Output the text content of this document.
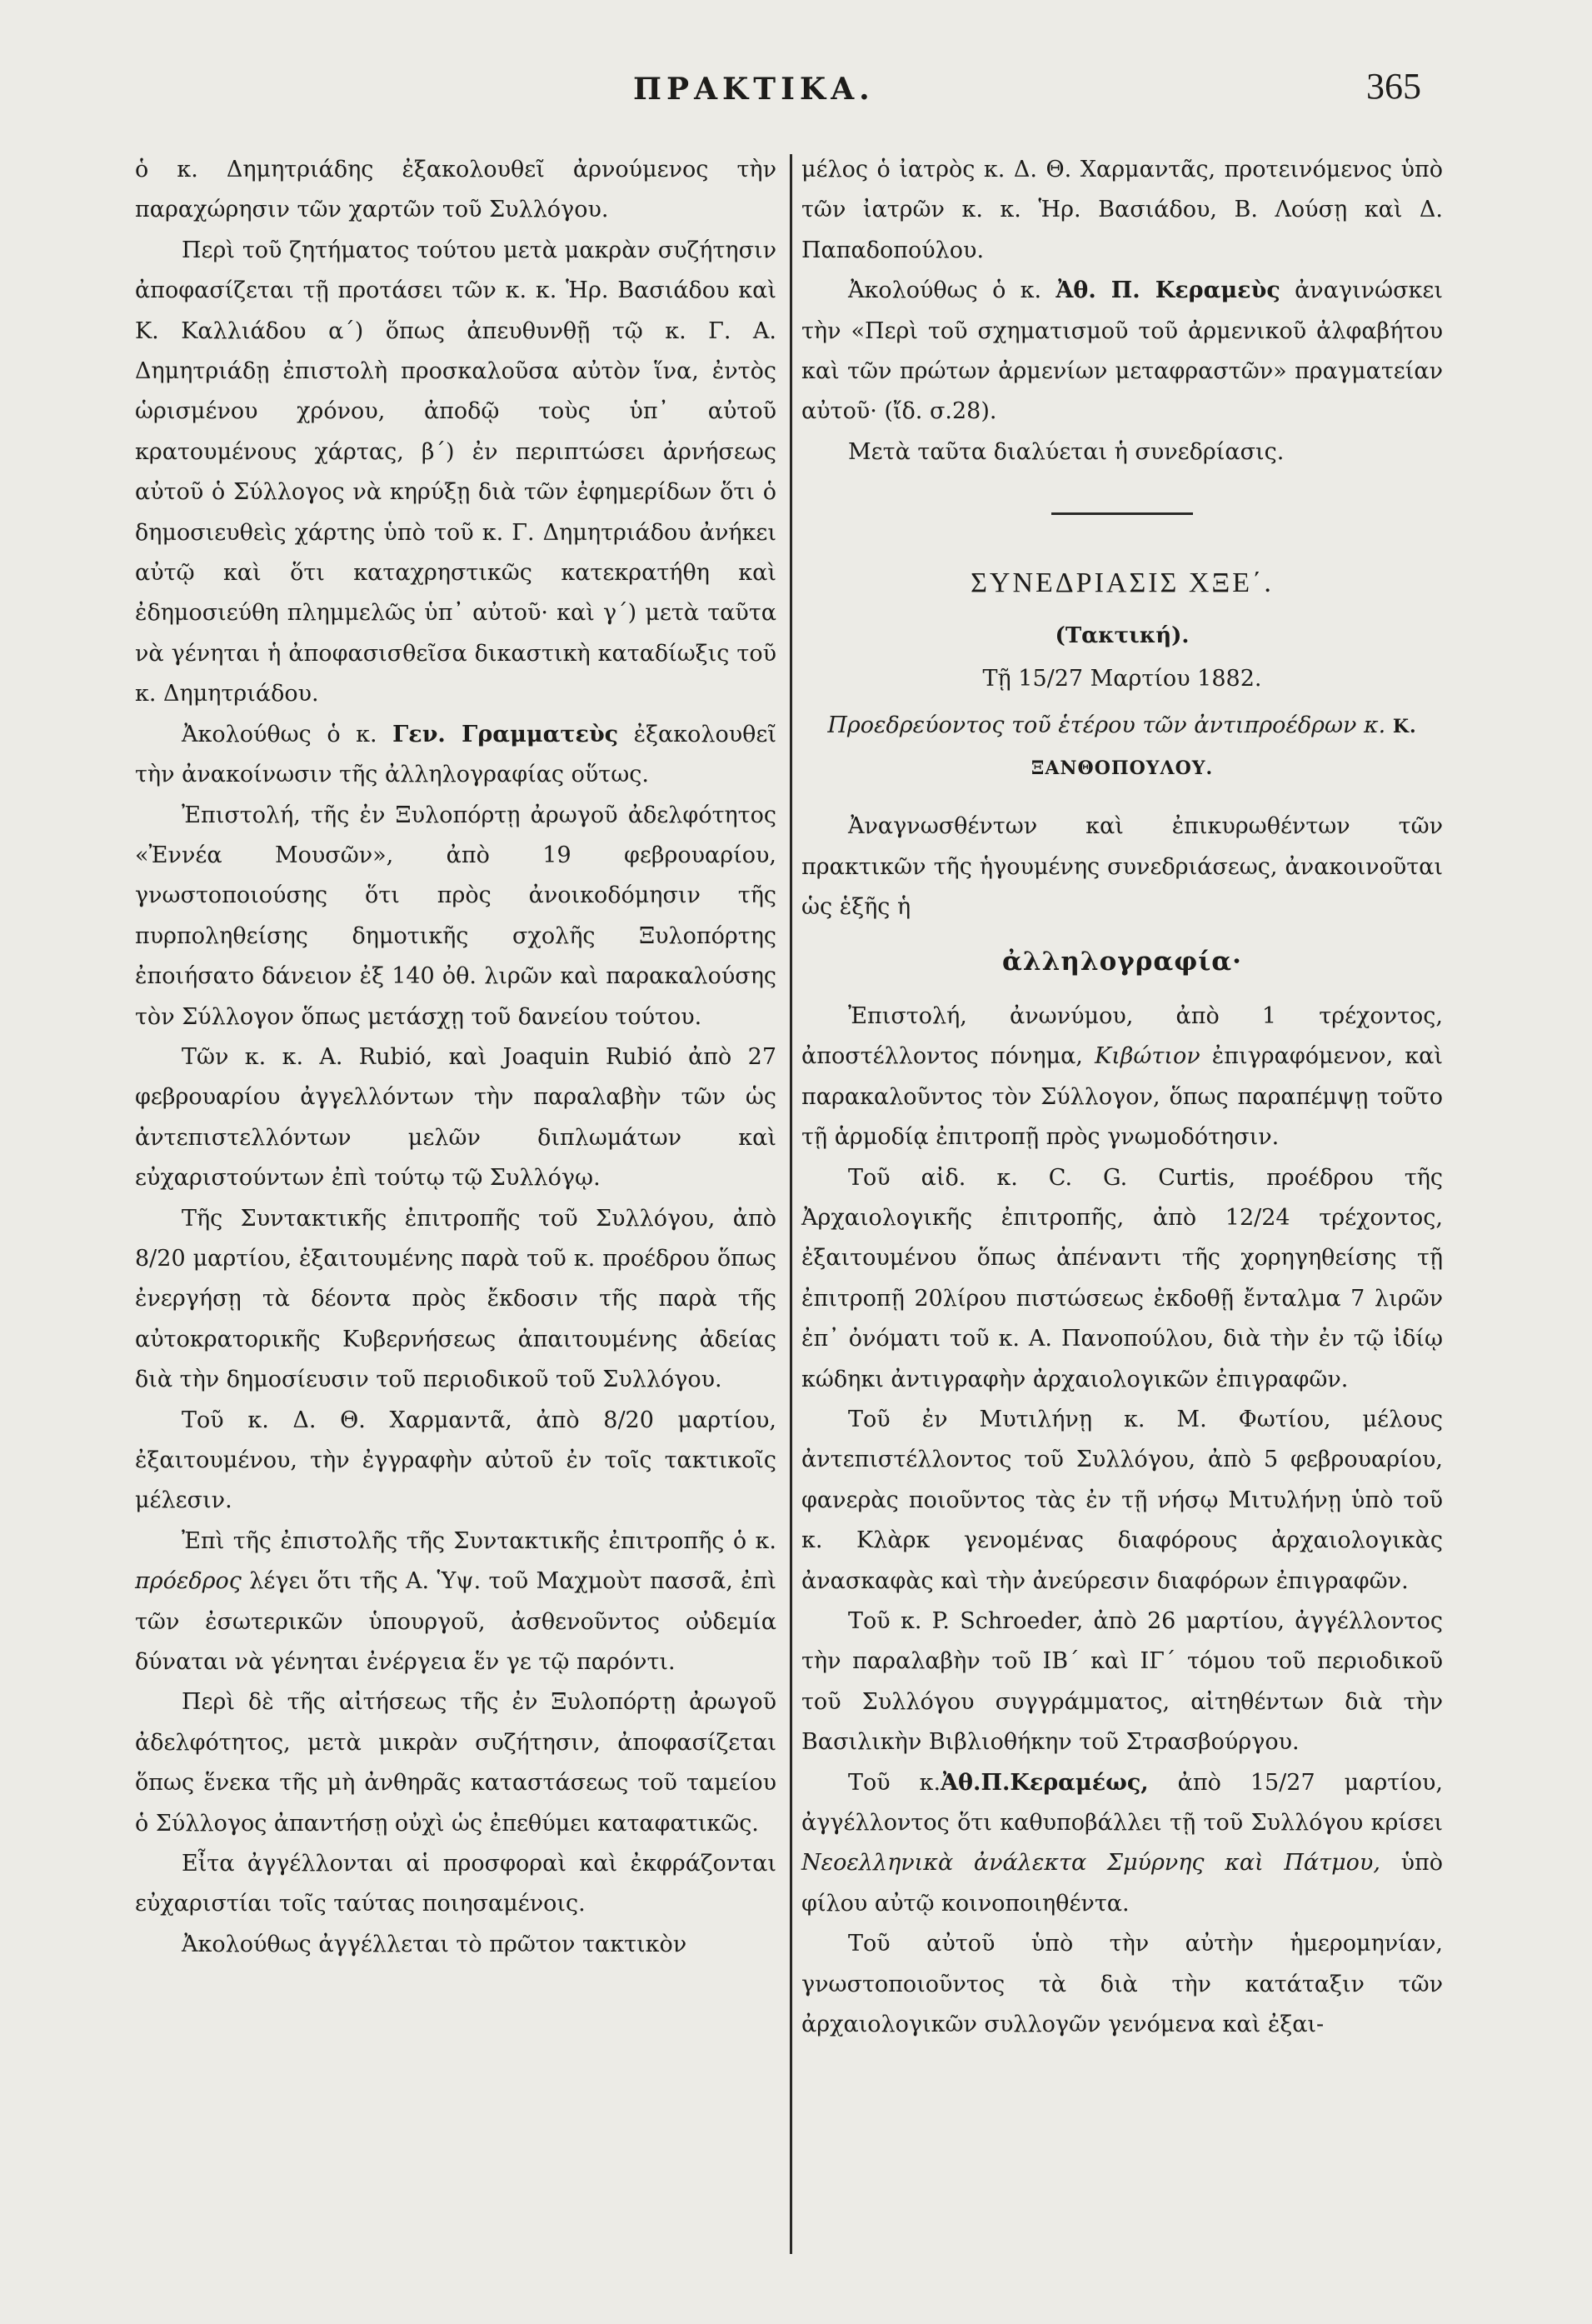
ΠΡΑΚΤΙΚΑ.	365

ὁ κ. Δημητριάδης ἐξακολουθεῖ ἀρνούμενος τὴν παραχώρησιν τῶν χαρτῶν τοῦ Συλλόγου.

Περὶ τοῦ ζητήματος τούτου μετὰ μακρὰν συζήτησιν ἀποφασίζεται τῇ προτάσει τῶν κ. κ. Ἡρ. Βασιάδου καὶ Κ. Καλλιάδου α΄) ὅπως ἀπευθυνθῇ τῷ κ. Γ. Α. Δημητριάδῃ ἐπιστολὴ προσκαλοῦσα αὐτὸν ἵνα, ἐντὸς ὡρισμένου χρόνου, ἀποδῷ τοὺς ὑπ᾽ αὐτοῦ κρατουμένους χάρτας, β΄) ἐν περιπτώσει ἀρνήσεως αὐτοῦ ὁ Σύλλογος νὰ κηρύξῃ διὰ τῶν ἐφημερίδων ὅτι ὁ δημοσιευθεὶς χάρτης ὑπὸ τοῦ κ. Γ. Δημητριάδου ἀνήκει αὐτῷ καὶ ὅτι καταχρηστικῶς κατεκρατήθη καὶ ἐδημοσιεύθη πλημμελῶς ὑπ᾽ αὐτοῦ· καὶ γ΄) μετὰ ταῦτα νὰ γένηται ἡ ἀποφασισθεῖσα δικαστικὴ καταδίωξις τοῦ κ. Δημητριάδου.

Ἀκολούθως ὁ κ. Γεν. Γραμματεὺς ἐξακολουθεῖ τὴν ἀνακοίνωσιν τῆς ἀλληλογραφίας οὕτως.

Ἐπιστολή, τῆς ἐν Ξυλοπόρτῃ ἀρωγοῦ ἀδελφότητος «Ἐννέα Μουσῶν», ἀπὸ 19 φεβρουαρίου, γνωστοποιούσης ὅτι πρὸς ἀνοικοδόμησιν τῆς πυρποληθείσης δημοτικῆς σχολῆς Ξυλοπόρτης ἐποιήσατο δάνειον ἐξ 140 ὀθ. λιρῶν καὶ παρακαλούσης τὸν Σύλλογον ὅπως μετάσχῃ τοῦ δανείου τούτου.

Τῶν κ. κ. A. Rubió, καὶ Joaquin Rubió ἀπὸ 27 φεβρουαρίου ἀγγελλόντων τὴν παραλαβὴν τῶν ὡς ἀντεπιστελλόντων μελῶν διπλωμάτων καὶ εὐχαριστούντων ἐπὶ τούτῳ τῷ Συλλόγῳ.

Τῆς Συντακτικῆς ἐπιτροπῆς τοῦ Συλλόγου, ἀπὸ 8/20 μαρτίου, ἐξαιτουμένης παρὰ τοῦ κ. προέδρου ὅπως ἐνεργήσῃ τὰ δέοντα πρὸς ἔκδοσιν τῆς παρὰ τῆς αὐτοκρατορικῆς Κυβερνήσεως ἀπαιτουμένης ἀδείας διὰ τὴν δημοσίευσιν τοῦ περιοδικοῦ τοῦ Συλλόγου.

Τοῦ κ. Δ. Θ. Χαρμαντᾶ, ἀπὸ 8/20 μαρτίου, ἐξαιτουμένου, τὴν ἐγγραφὴν αὐτοῦ ἐν τοῖς τακτικοῖς μέλεσιν.

Ἐπὶ τῆς ἐπιστολῆς τῆς Συντακτικῆς ἐπιτροπῆς ὁ κ. πρόεδρος λέγει ὅτι τῆς Α. Ὑψ. τοῦ Μαχμοὺτ πασσᾶ, ἐπὶ τῶν ἐσωτερικῶν ὑπουργοῦ, ἀσθενοῦντος οὐδεμία δύναται νὰ γένηται ἐνέργεια ἕν γε τῷ παρόντι.

Περὶ δὲ τῆς αἰτήσεως τῆς ἐν Ξυλοπόρτῃ ἀρωγοῦ ἀδελφότητος, μετὰ μικρὰν συζήτησιν, ἀποφασίζεται ὅπως ἕνεκα τῆς μὴ ἀνθηρᾶς καταστάσεως τοῦ ταμείου ὁ Σύλλογος ἀπαντήσῃ οὐχὶ ὡς ἐπεθύμει καταφατικῶς.

Εἶτα ἀγγέλλονται αἱ προσφοραὶ καὶ ἐκφράζονται εὐχαριστίαι τοῖς ταύτας ποιησαμένοις.

Ἀκολούθως ἀγγέλλεται τὸ πρῶτον τακτικὸν

μέλος ὁ ἰατρὸς κ. Δ. Θ. Χαρμαντᾶς, προτεινόμενος ὑπὸ τῶν ἰατρῶν κ. κ. Ἡρ. Βασιάδου, Β. Λούσῃ καὶ Δ. Παπαδοπούλου.

Ἀκολούθως ὁ κ. Ἀθ. Π. Κεραμεὺς ἀναγινώσκει τὴν «Περὶ τοῦ σχηματισμοῦ τοῦ ἀρμενικοῦ ἀλφαβήτου καὶ τῶν πρώτων ἀρμενίων μεταφραστῶν» πραγματείαν αὐτοῦ· (ἴδ. σ.28).

Μετὰ ταῦτα διαλύεται ἡ συνεδρίασις.

ΣΥΝΕΔΡΙΑΣΙΣ ΧΞΕ΄.
(Τακτική).

Τῇ 15/27 Μαρτίου 1882.

Προεδρεύοντος τοῦ ἑτέρου τῶν ἀντιπροέδρων κ. Κ. ΞΑΝΘΟΠΟΥΛΟΥ.

Ἀναγνωσθέντων καὶ ἐπικυρωθέντων τῶν πρακτικῶν τῆς ἡγουμένης συνεδριάσεως, ἀνακοινοῦται ὡς ἑξῆς ἡ

ἀλληλογραφία·

Ἐπιστολή, ἀνωνύμου, ἀπὸ 1 τρέχοντος, ἀποστέλλοντος πόνημα, Κιβώτιον ἐπιγραφόμενον, καὶ παρακαλοῦντος τὸν Σύλλογον, ὅπως παραπέμψῃ τοῦτο τῇ ἁρμοδίᾳ ἐπιτροπῇ πρὸς γνωμοδότησιν.

Τοῦ αἰδ. κ. C. G. Curtis, προέδρου τῆς Ἀρχαιολογικῆς ἐπιτροπῆς, ἀπὸ 12/24 τρέχοντος, ἐξαιτουμένου ὅπως ἀπέναντι τῆς χορηγηθείσης τῇ ἐπιτροπῇ 20λίρου πιστώσεως ἐκδοθῇ ἔνταλμα 7 λιρῶν ἐπ᾽ ὀνόματι τοῦ κ. Α. Πανοπούλου, διὰ τὴν ἐν τῷ ἰδίῳ κώδηκι ἀντιγραφὴν ἀρχαιολογικῶν ἐπιγραφῶν.

Τοῦ ἐν Μυτιλήνῃ κ. Μ. Φωτίου, μέλους ἀντεπιστέλλοντος τοῦ Συλλόγου, ἀπὸ 5 φεβρουαρίου, φανερὰς ποιοῦντος τὰς ἐν τῇ νήσῳ Μιτυλήνῃ ὑπὸ τοῦ κ. Κλὰρκ γενομένας διαφόρους ἀρχαιολογικὰς ἀνασκαφὰς καὶ τὴν ἀνεύρεσιν διαφόρων ἐπιγραφῶν.

Τοῦ κ. P. Schroeder, ἀπὸ 26 μαρτίου, ἀγγέλλοντος τὴν παραλαβὴν τοῦ ΙΒ΄ καὶ ΙΓ΄ τόμου τοῦ περιοδικοῦ τοῦ Συλλόγου συγγράμματος, αἰτηθέντων διὰ τὴν Βασιλικὴν Βιβλιοθήκην τοῦ Στρασβούργου.

Τοῦ κ.Ἀθ.Π.Κεραμέως, ἀπὸ 15/27 μαρτίου, ἀγγέλλοντος ὅτι καθυποβάλλει τῇ τοῦ Συλλόγου κρίσει Νεοελληνικὰ ἀνάλεκτα Σμύρνης καὶ Πάτμου, ὑπὸ φίλου αὐτῷ κοινοποιηθέντα.

Τοῦ αὐτοῦ ὑπὸ τὴν αὐτὴν ἡμερομηνίαν, γνωστοποιοῦντος τὰ διὰ τὴν κατάταξιν τῶν ἀρχαιολογικῶν συλλογῶν γενόμενα καὶ ἐξαι-
